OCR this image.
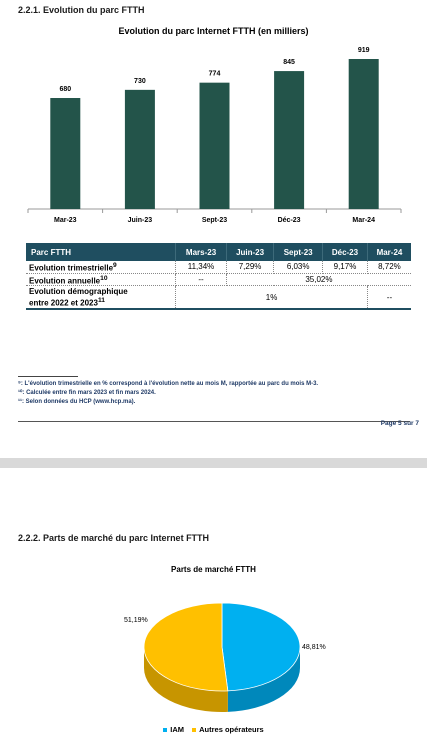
2.2.1. Evolution du parc FTTH
Evolution du parc Internet FTTH (en milliers)
680
Mar-23
730
Juin-23
774
Sept-23
845
Déc-23
919
Mar-24
Parc FTTH	Mars-23	Juin-23	Sept-23	Déc-23	Mar-24
Evolution trimestrielle$^9$	11,34%	7,29%	6,03%	9,17%	8,72%
Evolution annuelle$^{10}$	--	35,02%			

Evolution démographique
entre 2022 et 2023$^{11}$	1%				--
⁹: L'évolution trimestrielle en % correspond à l'évolution nette au mois M, rapportée au parc du mois M-3.
¹⁰: Calculée entre fin mars 2023 et fin mars 2024.
¹¹: Selon données du HCP (www.hcp.ma).
Page 5 sur 7
2.2.2. Parts de marché du parc Internet FTTH
Parts de marché FTTH
48,81%
51,19%
IAM Autres opérateurs
